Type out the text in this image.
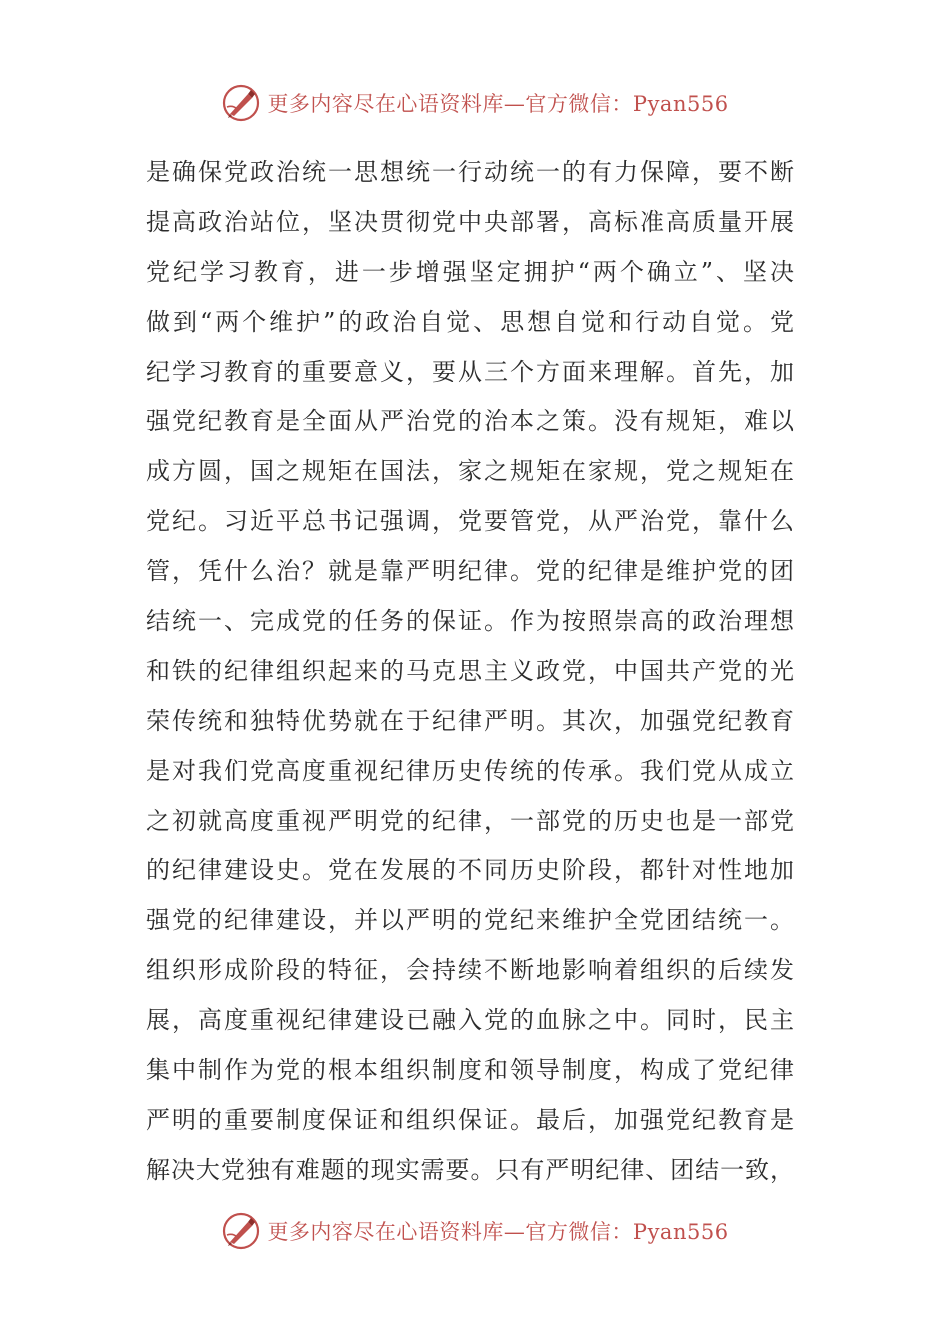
更多内容尽在心语资料库—官方微信：Pyan556
是确保党政治统一思想统一行动统一的有力保障，要不断
提高政治站位，坚决贯彻党中央部署，高标准高质量开展
党纪学习教育，进一步增强坚定拥护“两个确立”、坚决
做到“两个维护”的政治自觉、思想自觉和行动自觉。党
纪学习教育的重要意义，要从三个方面来理解。首先，加
强党纪教育是全面从严治党的治本之策。没有规矩，难以
成方圆，国之规矩在国法，家之规矩在家规，党之规矩在
党纪。习近平总书记强调，党要管党，从严治党，靠什么
管，凭什么治？就是靠严明纪律。党的纪律是维护党的团
结统一、完成党的任务的保证。作为按照崇高的政治理想
和铁的纪律组织起来的马克思主义政党，中国共产党的光
荣传统和独特优势就在于纪律严明。其次，加强党纪教育
是对我们党高度重视纪律历史传统的传承。我们党从成立
之初就高度重视严明党的纪律，一部党的历史也是一部党
的纪律建设史。党在发展的不同历史阶段，都针对性地加
强党的纪律建设，并以严明的党纪来维护全党团结统一。
组织形成阶段的特征，会持续不断地影响着组织的后续发
展，高度重视纪律建设已融入党的血脉之中。同时，民主
集中制作为党的根本组织制度和领导制度，构成了党纪律
严明的重要制度保证和组织保证。最后，加强党纪教育是
解决大党独有难题的现实需要。只有严明纪律、团结一致，
更多内容尽在心语资料库—官方微信：Pyan556
